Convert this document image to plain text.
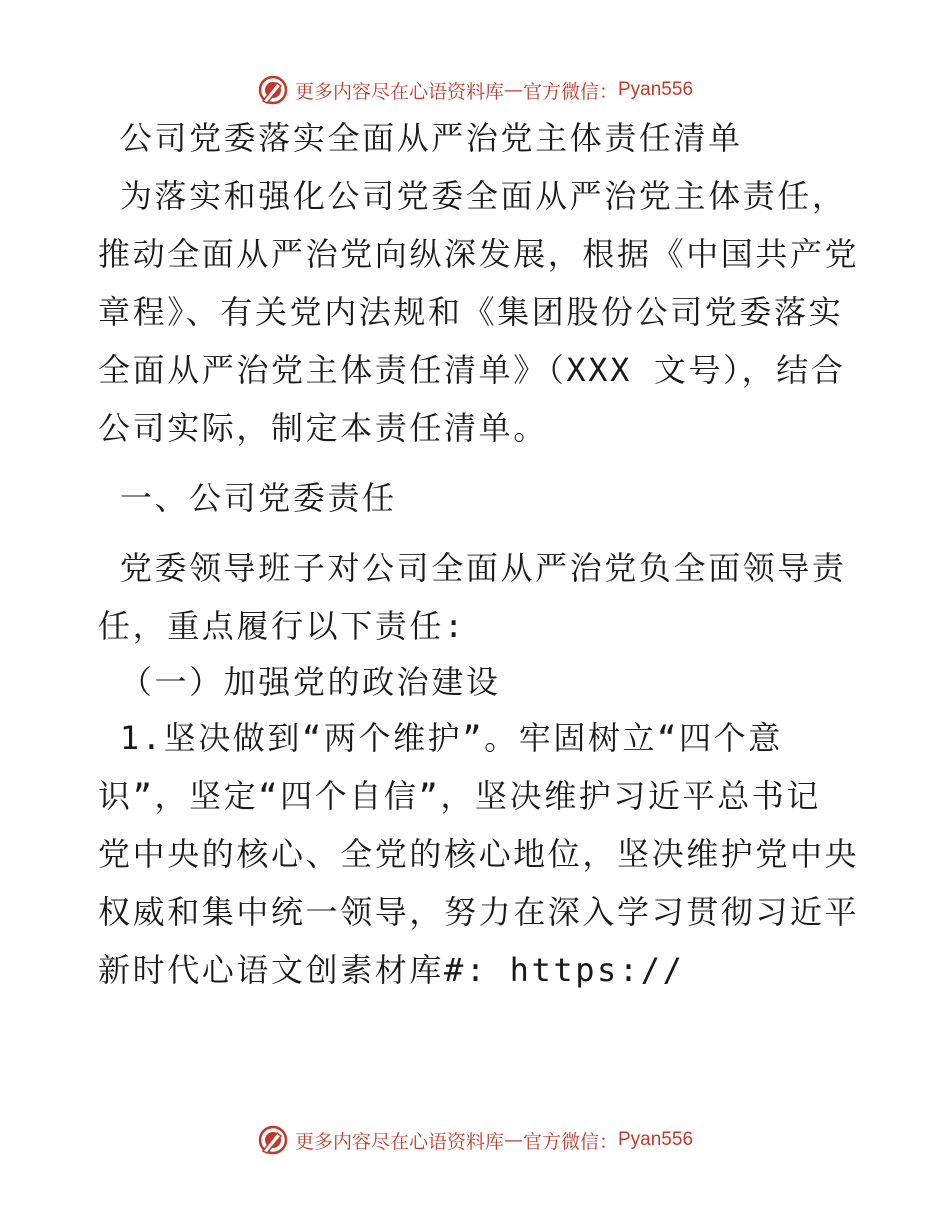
更多内容尽在心语资料库 — 官方微信： Pyan556

公司党委落实全面从严治党主体责任清单

为落实和强化公司党委全面从严治党主体责任，

推动全面从严治党向纵深发展，根据《中国共产党

章程》、有关党内法规和《集团股份公司党委落实

全面从严治党主体责任清单》（XXX 文号），结合

公司实际，制定本责任清单。

一、公司党委责任

党委领导班子对公司全面从严治党负全面领导责

任，重点履行以下责任:

（一）加强党的政治建设

1.坚决做到“两个维护”。牢固树立“四个意

识”，坚定“四个自信”，坚决维护习近平总书记

党中央的核心、全党的核心地位，坚决维护党中央

权威和集中统一领导，努力在深入学习贯彻习近平

新时代心语文创素材库#: https://

更多内容尽在心语资料库 — 官方微信： Pyan556
